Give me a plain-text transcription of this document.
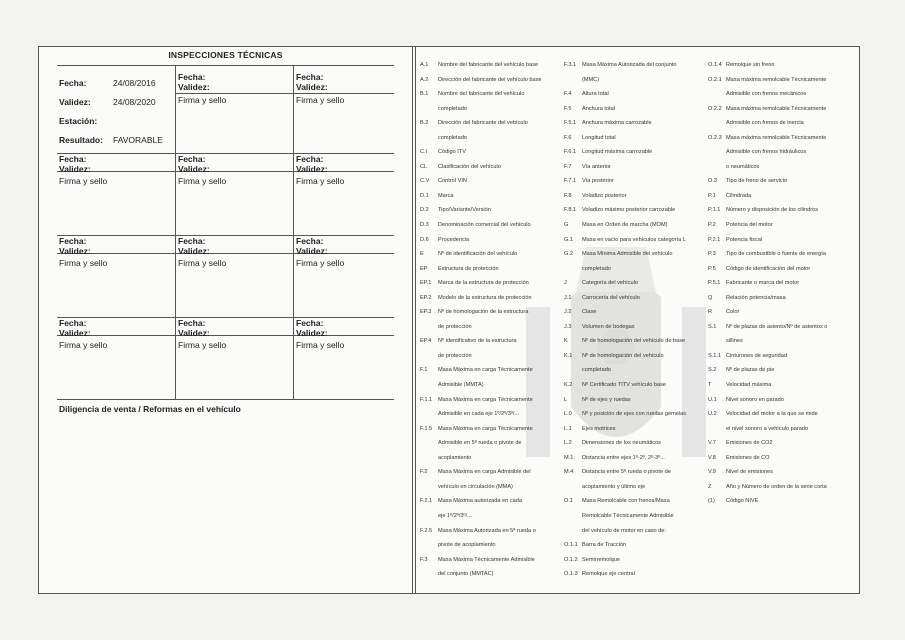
INSPECCIONES TÉCNICAS
Fecha:	24/08/2016
Validez:	24/08/2020
Estación:
Resultado: FAVORABLE
Fecha:
Validez:
Firma y sello
Fecha:
Validez:
Firma y sello
Fecha:
Validez:
Firma y sello
Fecha:
Validez:
Firma y sello
Fecha:
Validez:
Firma y sello
Fecha:
Validez:
Firma y sello
Fecha:
Validez:
Firma y sello
Fecha:
Validez:
Firma y sello
Fecha:
Validez:
Firma y sello
Fecha:
Validez:
Firma y sello
Fecha:
Validez:
Firma y sello
Diligencia de venta / Reformas en el vehículo
A.1 Nombre del fabricante del vehículo base
A.2 Dirección del fabricante del vehículo base
B.1 Nombre del fabricante del vehículo
completado
B.2 Dirección del fabricante del vehículo
completado
C.I Código ITV
CL Clasificación del vehículo
C.V Control VIN
D.1 Marca
D.2 Tipo/Variante/Versión
D.3 Denominación comercial del vehículo
D.6 Procedencia
E	Nº de identificación del vehículo
EP Estructura de protección
EP.1 Marca de la estructura de protección
EP.2 Modelo de la estructura de protección
EP.3 Nº de homologación de la estructura
de protección
EP.4 Nº identificativo de la estructura
de protección
F.1 Masa Máxima en carga Técnicamente
Admisible (MMTA)
F.1.1 Masa Máxima en carga Técnicamente
Admisible en cada eje 1º/2º/3º/...
F.1.5 Masa Máxima en carga Técnicamente
Admisible en 5ª rueda o pivote de
acoplamiento
F.2 Masa Máxima en carga Admisible del
vehículo en circulación (MMA)
F.2.1 Masa Máxima autorizada en cada
eje 1º/2º/3º/...
F.2.5 Masa Máxima Autorizada en 5ª rueda o
pivote de acoplamiento
F.3 Masa Máxima Técnicamente Admisible
del conjunto (MMTAC)
F.3.1 Masa Máxima Autorizada del conjunto
(MMC)
F.4 Altura total
F.5 Anchura total
F.5.1 Anchura máxima carrozable
F.6 Longitud total
F.6.1 Longitud máxima carrozable
F.7 Vía anterior
F.7.1 Vía posterior
F.8 Voladizo posterior
F.8.1 Voladizo máximo posterior carrozable
G Masa en Orden de marcha (MOM)
G.1 Masa en vacío para vehículos categoría L
G.2 Masa Mínima Admisible del vehículo
completado
J	Categoría del vehículo
J.1 Carrocería del vehículo
J.2 Clase
J.3 Volumen de bodegas
K	Nº de homologación del vehículo de base
K.1 Nº de homologación del vehículo
completado
K.2 Nº Certificado TITV vehículo base
L	Nº de ejes y ruedas
L.0 Nº y posición de ejes con ruedas gemelas
L.1 Ejes motrices
L.2 Dimensiones de los neumáticos
M.1 Distancia entre ejes 1º-2º, 2º-3º...
M.4 Distancia entre 5ª rueda o pivote de
acoplamiento y último eje
O.1 Masa Remolcable con frenos/Masa
Remolcable Técnicamente Admisible
del vehículo de motor en caso de:
O.1.1 Barra de Tracción
O.1.2 Semirremolque
O.1.3 Remolque eje central
O.1.4 Remolque sin freno
O.2.1 Masa máxima remolcable Técnicamente
Admisible con frenos mecánicos
O.2.2 Masa máxima remolcable Técnicamente
Admisible con frenos de inercia
O.2.3 Masa máxima remolcable Técnicamente
Admisible con frenos hidráulicos
o neumáticos
O.3 Tipo de freno de servicio
P.1 Cilindrada
P.1.1 Número y disposición de los cilindros
P.2 Potencia del motor
P.2.1 Potencia fiscal
P.3 Tipo de combustible o fuente de energía
P.5 Código de identificación del motor
P.5.1 Fabricante o marca del motor
Q Relación potencia/masa
R Color
S.1 Nº de plazas de asiento/Nº de asientos o
sillines
S.1.1 Cinturones de seguridad
S.2 Nº de plazas de pie
T	Velocidad máxima
U.1 Nivel sonoro en parado
U.2 Velocidad del motor a la que se mide
el nivel sonoro a vehículo parado
V.7 Emisiones de CO2
V.8 Emisiones de CO
V.9 Nivel de emisiones
Z	Año y Número de orden de la serie corta
(1) Código NIVE
